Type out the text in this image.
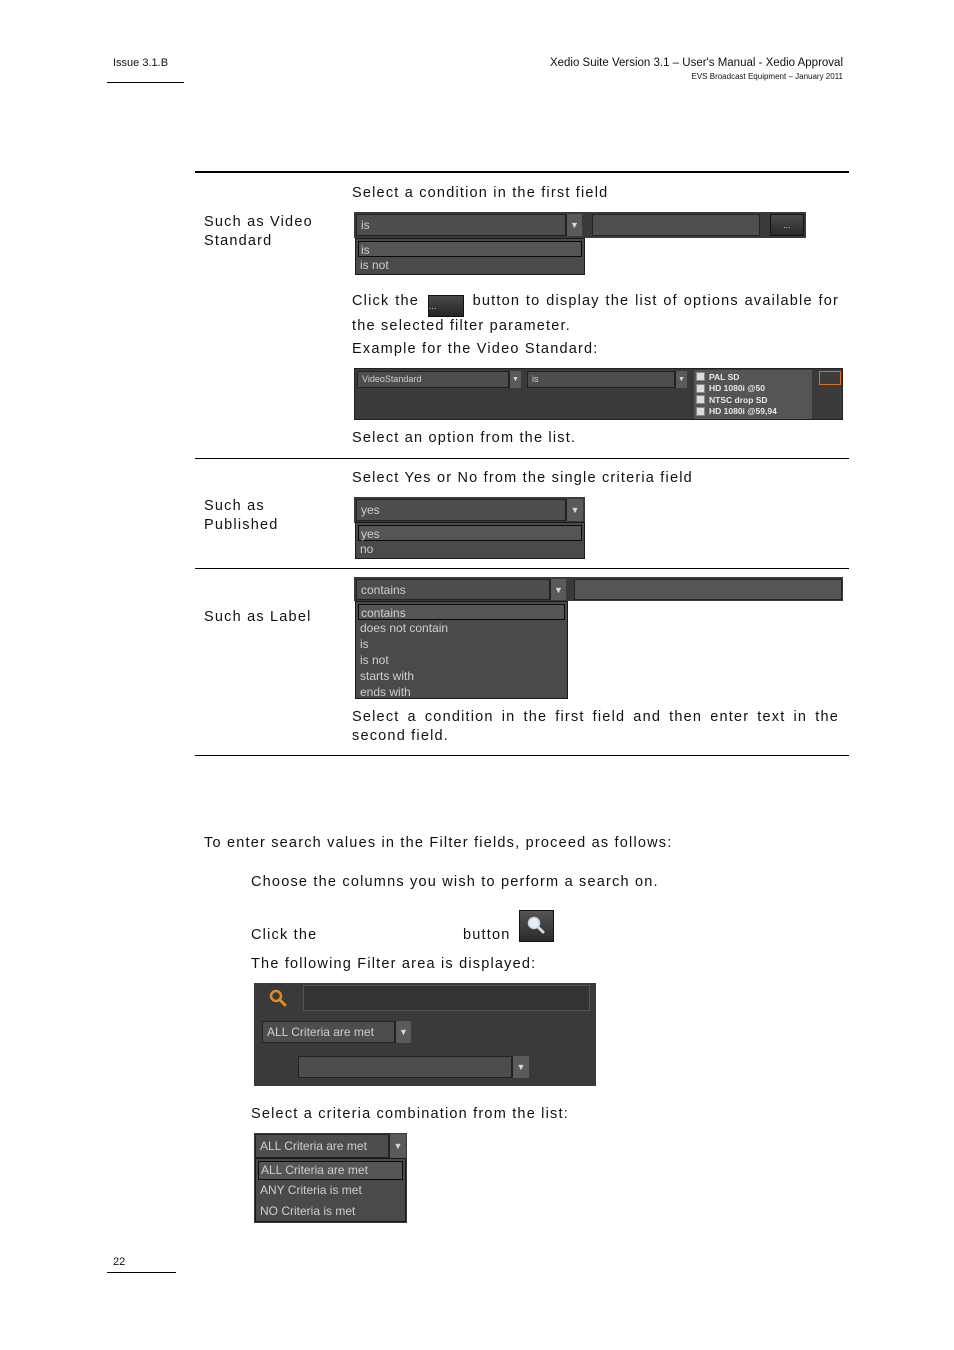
Issue 3.1.B	Xedio Suite Version 3.1 – User's Manual - Xedio Approval
EVS Broadcast Equipment – January 2011
Such as Video Standard
Select a condition in the first field
is	▼	...
is
is not
Click the ...	button to display the list of options available for the selected filter parameter.
Example for the Video Standard:
VideoStandard	▼	is	▼	PAL SD
HD 1080i @50
NTSC drop SD
HD 1080i @59,94
Select an option from the list.
Such as Published
Select Yes or No from the single criteria field
yes	▼
yes
no
Such as Label
contains	▼
contains
does not contain
is
is not
starts with
ends with
Select a condition in the first field and then enter text in the second field.
To enter search values in the Filter fields, proceed as follows:
Choose the columns you wish to perform a search on.
Click the	button
The following Filter area is displayed:
ALL Criteria are met	▼
▼
Select a criteria combination from the list:
ALL Criteria are met	▼
ALL Criteria are met
ANY Criteria is met
NO Criteria is met
22
